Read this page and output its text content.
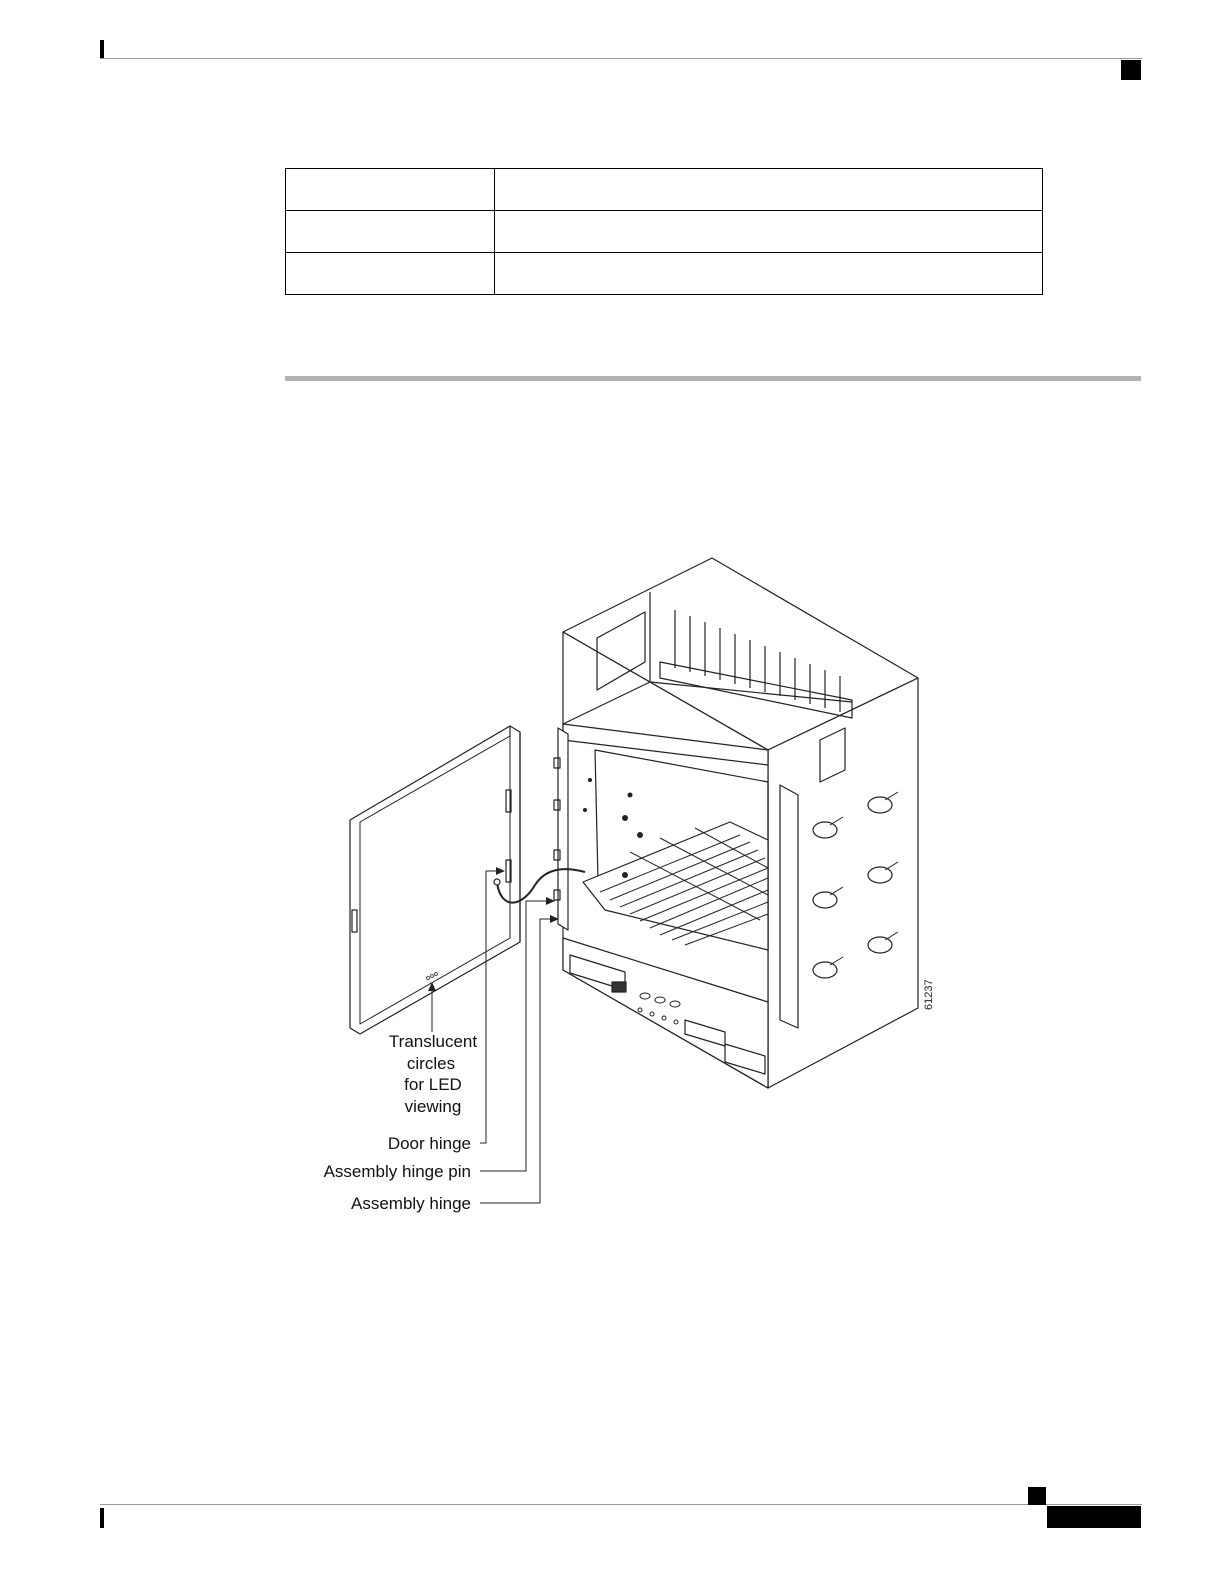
Translucent
circles
for LED
viewing
Door hinge
Assembly hinge pin
Assembly hinge
61237
